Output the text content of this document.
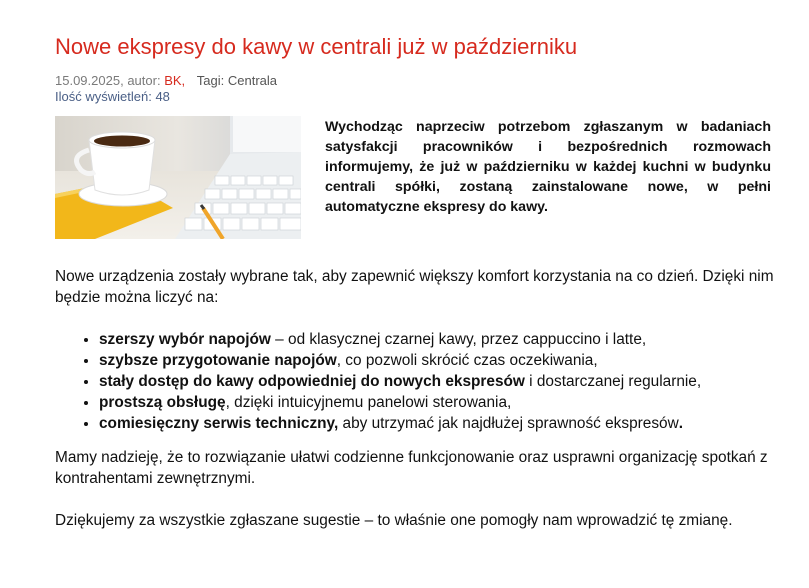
Nowe ekspresy do kawy w centrali już w październiku
15.09.2025, autor: BK, Tagi: Centrala
Ilość wyświetleń: 48

Wychodząc naprzeciw potrzebom zgłaszanym w badaniach satysfakcji pracowników i bezpośrednich rozmowach informujemy, że już w październiku w każdej kuchni w budynku centrali spółki, zostaną zainstalowane nowe, w pełni automatyczne ekspresy do kawy.

Nowe urządzenia zostały wybrane tak, aby zapewnić większy komfort korzystania na co dzień. Dzięki nim będzie można liczyć na:

• szerszy wybór napojów – od klasycznej czarnej kawy, przez cappuccino i latte,
• szybsze przygotowanie napojów, co pozwoli skrócić czas oczekiwania,
• stały dostęp do kawy odpowiedniej do nowych ekspresów i dostarczanej regularnie,
• prostszą obsługę, dzięki intuicyjnemu panelowi sterowania,
• comiesięczny serwis techniczny, aby utrzymać jak najdłużej sprawność ekspresów.

Mamy nadzieję, że to rozwiązanie ułatwi codzienne funkcjonowanie oraz usprawni organizację spotkań z kontrahentami zewnętrznymi.

Dziękujemy za wszystkie zgłaszane sugestie – to właśnie one pomogły nam wprowadzić tę zmianę.
